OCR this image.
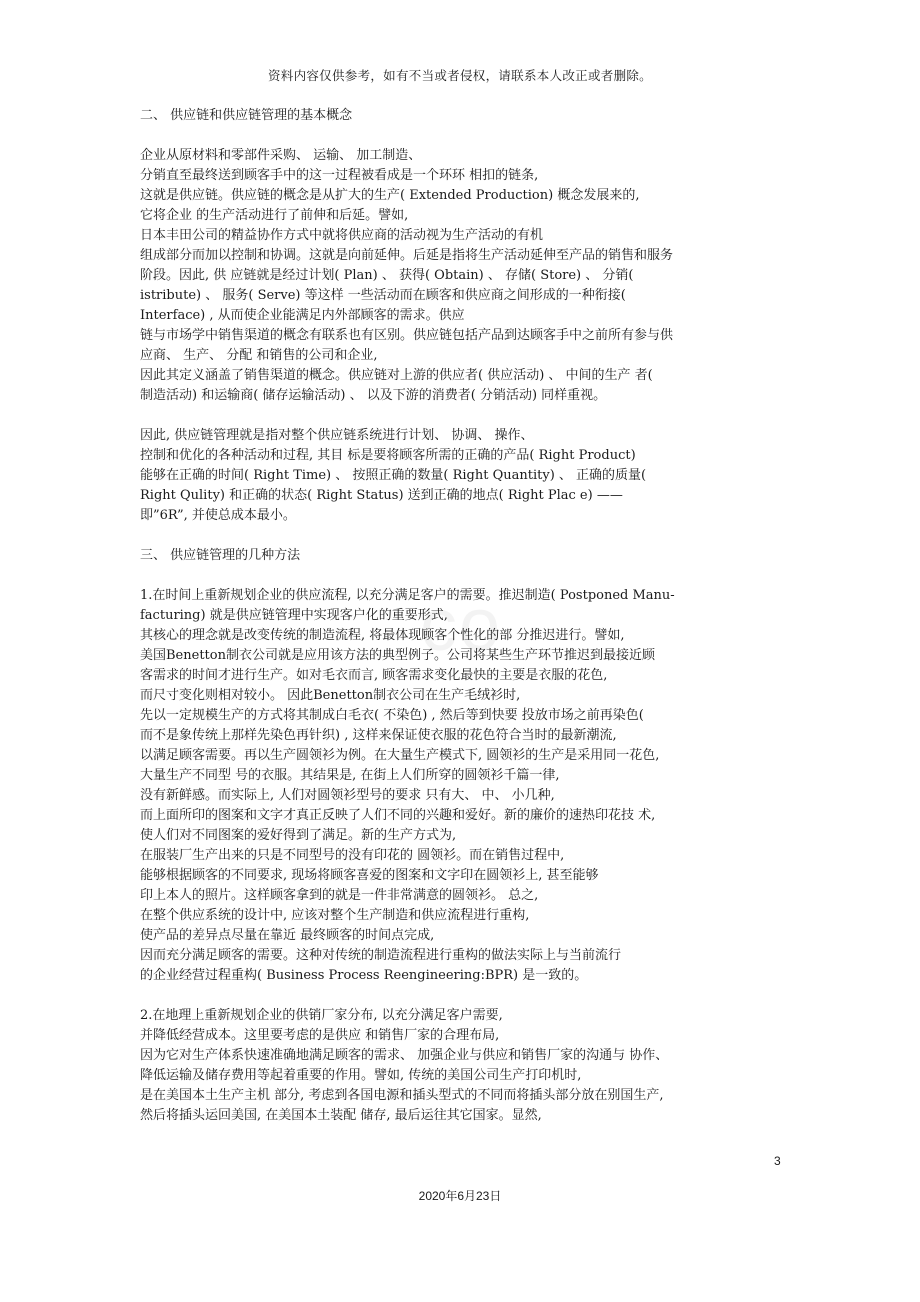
资料内容仅供参考，如有不当或者侵权，请联系本人改正或者删除。

二、 供应链和供应链管理的基本概念

企业从原材料和零部件采购、 运输、 加工制造、

分销直至最终送到顾客手中的这一过程被看成是一个环环 相扣的链条,

这就是供应链。供应链的概念是从扩大的生产( Extended Production) 概念发展来的,

它将企业 的生产活动进行了前伸和后延。譬如,

日本丰田公司的精益协作方式中就将供应商的活动视为生产活动的有机

组成部分而加以控制和协调。这就是向前延伸。后延是指将生产活动延伸至产品的销售和服务

阶段。因此, 供 应链就是经过计划( Plan) 、 获得( Obtain) 、 存储( Store) 、 分销(

istribute) 、 服务( Serve) 等这样 一些活动而在顾客和供应商之间形成的一种衔接(

Interface) , 从而使企业能满足内外部顾客的需求。供应

链与市场学中销售渠道的概念有联系也有区别。供应链包括产品到达顾客手中之前所有参与供

应商、 生产、 分配 和销售的公司和企业,

因此其定义涵盖了销售渠道的概念。供应链对上游的供应者( 供应活动) 、 中间的生产 者(

制造活动) 和运输商( 储存运输活动) 、 以及下游的消费者( 分销活动) 同样重视。

因此, 供应链管理就是指对整个供应链系统进行计划、 协调、 操作、

控制和优化的各种活动和过程, 其目 标是要将顾客所需的正确的产品( Right Product)

能够在正确的时间( Right Time) 、 按照正确的数量( Right Quantity) 、 正确的质量(

Right Qulity) 和正确的状态( Right Status) 送到正确的地点( Right Plac e) ——

即”6R”, 并使总成本最小。

三、 供应链管理的几种方法

1.在时间上重新规划企业的供应流程, 以充分满足客户的需要。推迟制造( Postponed Manu-

facturing) 就是供应链管理中实现客户化的重要形式,

其核心的理念就是改变传统的制造流程, 将最体现顾客个性化的部 分推迟进行。譬如,

美国Benetton制衣公司就是应用该方法的典型例子。公司将某些生产环节推迟到最接近顾

客需求的时间才进行生产。如对毛衣而言, 顾客需求变化最快的主要是衣服的花色,

而尺寸变化则相对较小。 因此Benetton制衣公司在生产毛绒衫时,

先以一定规模生产的方式将其制成白毛衣( 不染色) , 然后等到快要 投放市场之前再染色(

而不是象传统上那样先染色再针织) , 这样来保证使衣服的花色符合当时的最新潮流,

以满足顾客需要。再以生产圆领衫为例。在大量生产模式下, 圆领衫的生产是采用同一花色,

大量生产不同型 号的衣服。其结果是, 在街上人们所穿的圆领衫千篇一律,

没有新鲜感。而实际上, 人们对圆领衫型号的要求 只有大、 中、 小几种,

而上面所印的图案和文字才真正反映了人们不同的兴趣和爱好。新的廉价的速热印花技 术,

使人们对不同图案的爱好得到了满足。新的生产方式为,

在服装厂生产出来的只是不同型号的没有印花的 圆领衫。而在销售过程中,

能够根据顾客的不同要求, 现场将顾客喜爱的图案和文字印在圆领衫上, 甚至能够

印上本人的照片。这样顾客拿到的就是一件非常满意的圆领衫。 总之,

在整个供应系统的设计中, 应该对整个生产制造和供应流程进行重构,

使产品的差异点尽量在靠近 最终顾客的时间点完成,

因而充分满足顾客的需要。这种对传统的制造流程进行重构的做法实际上与当前流行

的企业经营过程重构( Business Process Reengineering:BPR) 是一致的。

2.在地理上重新规划企业的供销厂家分布, 以充分满足客户需要,

并降低经营成本。这里要考虑的是供应 和销售厂家的合理布局,

因为它对生产体系快速准确地满足顾客的需求、 加强企业与供应和销售厂家的沟通与 协作、

降低运输及储存费用等起着重要的作用。譬如, 传统的美国公司生产打印机时,

是在美国本土生产主机 部分, 考虑到各国电源和插头型式的不同而将插头部分放在别国生产,

然后将插头运回美国, 在美国本土装配 储存, 最后运往其它国家。显然,

3
2020年6月23日
